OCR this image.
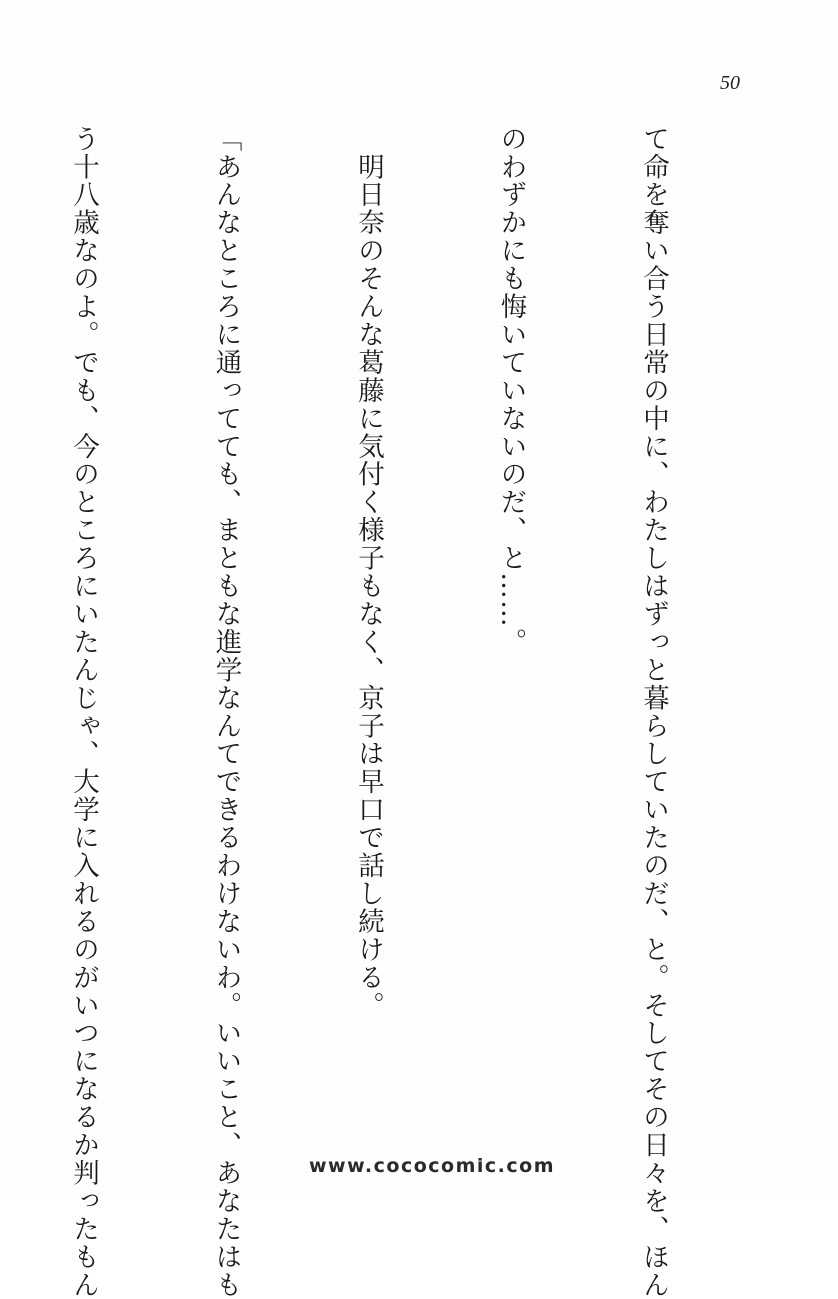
50

て命を奪い合う日常の中に、わたしはずっと暮らしていたのだ、と。そしてその日々を、ほん

のわずかにも悔いていないのだ、と……。

　明日奈のそんな葛藤に気付く様子もなく、京子は早口で話し続ける。

「あんなところに通ってても、まともな進学なんてできるわけないわ。いいこと、あなたはも

う十八歳なのよ。でも、今のところにいたんじゃ、大学に入れるのがいつになるか判ったもん

	www.cococomic.com
